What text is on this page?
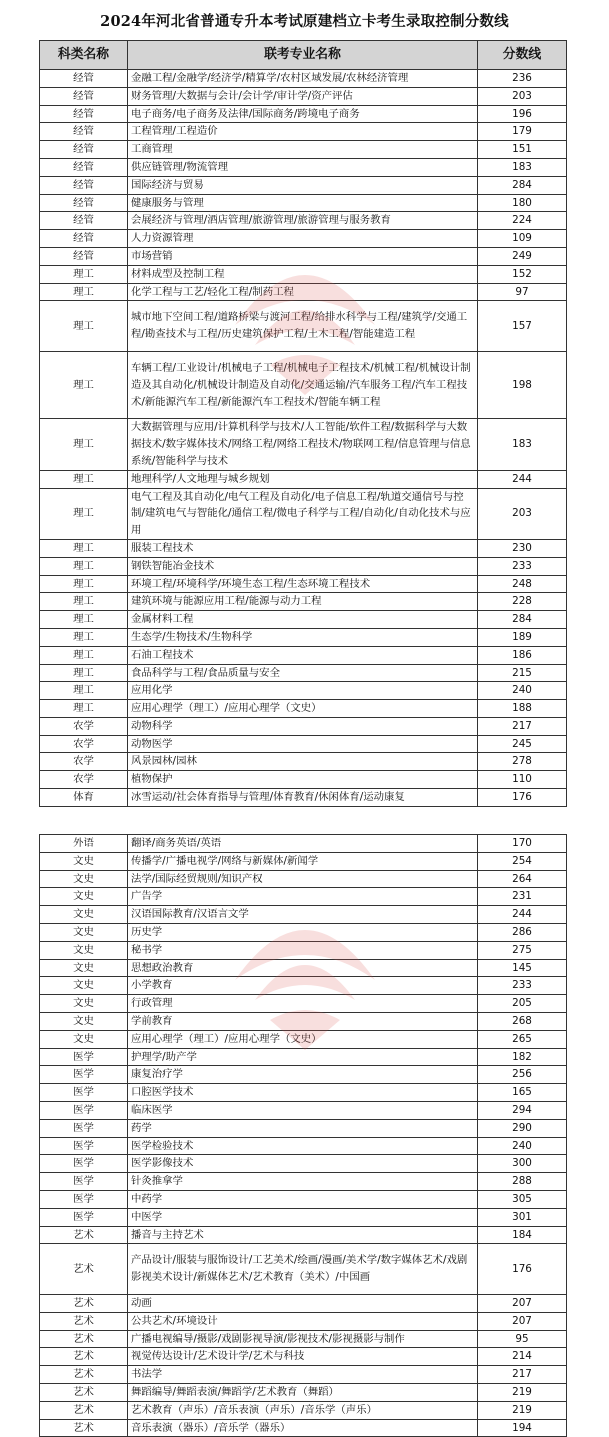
2024年河北省普通专升本考试原建档立卡考生录取控制分数线
科类名称	联考专业名称	分数线
经管	金融工程/金融学/经济学/精算学/农村区域发展/农林经济管理	236
经管	财务管理/大数据与会计/会计学/审计学/资产评估	203
经管	电子商务/电子商务及法律/国际商务/跨境电子商务	196
经管	工程管理/工程造价	179
经管	工商管理	151
经管	供应链管理/物流管理	183
经管	国际经济与贸易	284
经管	健康服务与管理	180
经管	会展经济与管理/酒店管理/旅游管理/旅游管理与服务教育	224
经管	人力资源管理	109
经管	市场营销	249
理工	材料成型及控制工程	152
理工	化学工程与工艺/轻化工程/制药工程	97
理工	城市地下空间工程/道路桥梁与渡河工程/给排水科学与工程/建筑学/交通工程/勘查技术与工程/历史建筑保护工程/土木工程/智能建造工程	157
理工	车辆工程/工业设计/机械电子工程/机械电子工程技术/机械工程/机械设计制造及其自动化/机械设计制造及自动化/交通运输/汽车服务工程/汽车工程技术/新能源汽车工程/新能源汽车工程技术/智能车辆工程	198
理工	大数据管理与应用/计算机科学与技术/人工智能/软件工程/数据科学与大数据技术/数字媒体技术/网络工程/网络工程技术/物联网工程/信息管理与信息系统/智能科学与技术	183
理工	地理科学/人文地理与城乡规划	244
理工	电气工程及其自动化/电气工程及自动化/电子信息工程/轨道交通信号与控制/建筑电气与智能化/通信工程/微电子科学与工程/自动化/自动化技术与应用	203
理工	服装工程技术	230
理工	钢铁智能冶金技术	233
理工	环境工程/环境科学/环境生态工程/生态环境工程技术	248
理工	建筑环境与能源应用工程/能源与动力工程	228
理工	金属材料工程	284
理工	生态学/生物技术/生物科学	189
理工	石油工程技术	186
理工	食品科学与工程/食品质量与安全	215
理工	应用化学	240
理工	应用心理学（理工）/应用心理学（文史）	188
农学	动物科学	217
农学	动物医学	245
农学	风景园林/园林	278
农学	植物保护	110
体育	冰雪运动/社会体育指导与管理/体育教育/休闲体育/运动康复	176
外语	翻译/商务英语/英语	170
文史	传播学/广播电视学/网络与新媒体/新闻学	254
文史	法学/国际经贸规则/知识产权	264
文史	广告学	231
文史	汉语国际教育/汉语言文学	244
文史	历史学	286
文史	秘书学	275
文史	思想政治教育	145
文史	小学教育	233
文史	行政管理	205
文史	学前教育	268
文史	应用心理学（理工）/应用心理学（文史）	265
医学	护理学/助产学	182
医学	康复治疗学	256
医学	口腔医学技术	165
医学	临床医学	294
医学	药学	290
医学	医学检验技术	240
医学	医学影像技术	300
医学	针灸推拿学	288
医学	中药学	305
医学	中医学	301
艺术	播音与主持艺术	184
艺术	产品设计/服装与服饰设计/工艺美术/绘画/漫画/美术学/数字媒体艺术/戏剧影视美术设计/新媒体艺术/艺术教育（美术）/中国画	176
艺术	动画	207
艺术	公共艺术/环境设计	207
艺术	广播电视编导/摄影/戏剧影视导演/影视技术/影视摄影与制作	95
艺术	视觉传达设计/艺术设计学/艺术与科技	214
艺术	书法学	217
艺术	舞蹈编导/舞蹈表演/舞蹈学/艺术教育（舞蹈）	219
艺术	艺术教育（声乐）/音乐表演（声乐）/音乐学（声乐）	219
艺术	音乐表演（器乐）/音乐学（器乐）	194
